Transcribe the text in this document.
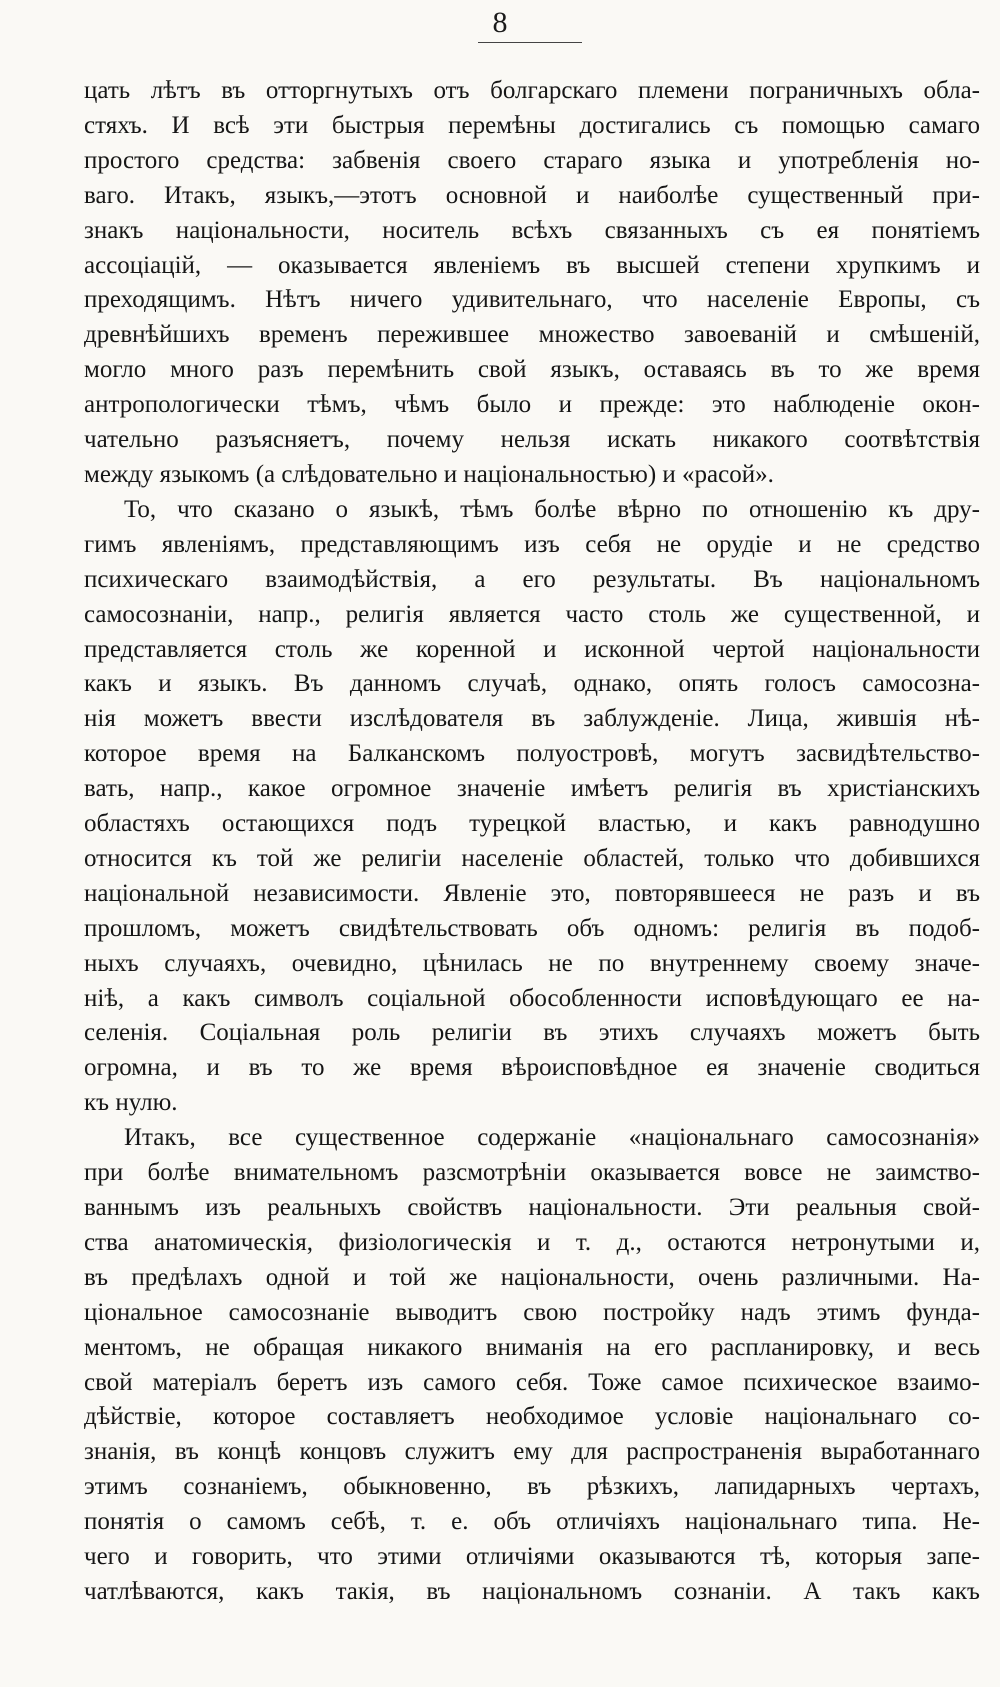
8
цать лѣтъ въ отторгнутыхъ отъ болгарскаго племени пограничныхъ обла-
стяхъ. И всѣ эти быстрыя перемѣны достигались съ помощью самаго
простого средства: забвенія своего стараго языка и употребленія но-
ваго. Итакъ, языкъ,—этотъ основной и наиболѣе существенный при-
знакъ національности, носитель всѣхъ связанныхъ съ ея понятіемъ
ассоціацій, — оказывается явленіемъ въ высшей степени хрупкимъ и
преходящимъ. Нѣтъ ничего удивительнаго, что населеніе Европы, съ
древнѣйшихъ временъ пережившее множество завоеваній и смѣшеній,
могло много разъ перемѣнить свой языкъ, оставаясь въ то же время
антропологически тѣмъ, чѣмъ было и прежде: это наблюденіе окон-
чательно разъясняетъ, почему нельзя искать никакого соотвѣтствія
между языкомъ (а слѣдовательно и національностью) и «расой».
То, что сказано о языкѣ, тѣмъ болѣе вѣрно по отношенію къ дру-
гимъ явленіямъ, представляющимъ изъ себя не орудіе и не средство
психическаго взаимодѣйствія, а его результаты. Въ національномъ
самосознаніи, напр., религія является часто столь же существенной, и
представляется столь же коренной и исконной чертой національности
какъ и языкъ. Въ данномъ случаѣ, однако, опять голосъ самосозна-
нія можетъ ввести изслѣдователя въ заблужденіе. Лица, жившія нѣ-
которое время на Балканскомъ полуостровѣ, могутъ засвидѣтельство-
вать, напр., какое огромное значеніе имѣетъ религія въ христіанскихъ
областяхъ остающихся подъ турецкой властью, и какъ равнодушно
относится къ той же религіи населеніе областей, только что добившихся
національной независимости. Явленіе это, повторявшееся не разъ и въ
прошломъ, можетъ свидѣтельствовать объ одномъ: религія въ подоб-
ныхъ случаяхъ, очевидно, цѣнилась не по внутреннему своему значе-
ніѣ, а какъ символъ соціальной обособленности исповѣдующаго ее на-
селенія. Соціальная роль религіи въ этихъ случаяхъ можетъ быть
огромна, и въ то же время вѣроисповѣдное ея значеніе сводиться
къ нулю.
Итакъ, все существенное содержаніе «національнаго самосознанія»
при болѣе внимательномъ разсмотрѣніи оказывается вовсе не заимство-
ваннымъ изъ реальныхъ свойствъ національности. Эти реальныя свой-
ства анатомическія, физіологическія и т. д., остаются нетронутыми и,
въ предѣлахъ одной и той же національности, очень различными. На-
ціональное самосознаніе выводитъ свою постройку надъ этимъ фунда-
ментомъ, не обращая никакого вниманія на его распланировку, и весь
свой матеріалъ беретъ изъ самого себя. Тоже самое психическое взаимо-
дѣйствіе, которое составляетъ необходимое условіе національнаго со-
знанія, въ концѣ концовъ служитъ ему для распространенія выработаннаго
этимъ сознаніемъ, обыкновенно, въ рѣзкихъ, лапидарныхъ чертахъ,
понятія о самомъ себѣ, т. е. объ отличіяхъ національнаго типа. Не-
чего и говорить, что этими отличіями оказываются тѣ, которыя запе-
чатлѣваются, какъ такія, въ національномъ сознаніи. А такъ какъ
